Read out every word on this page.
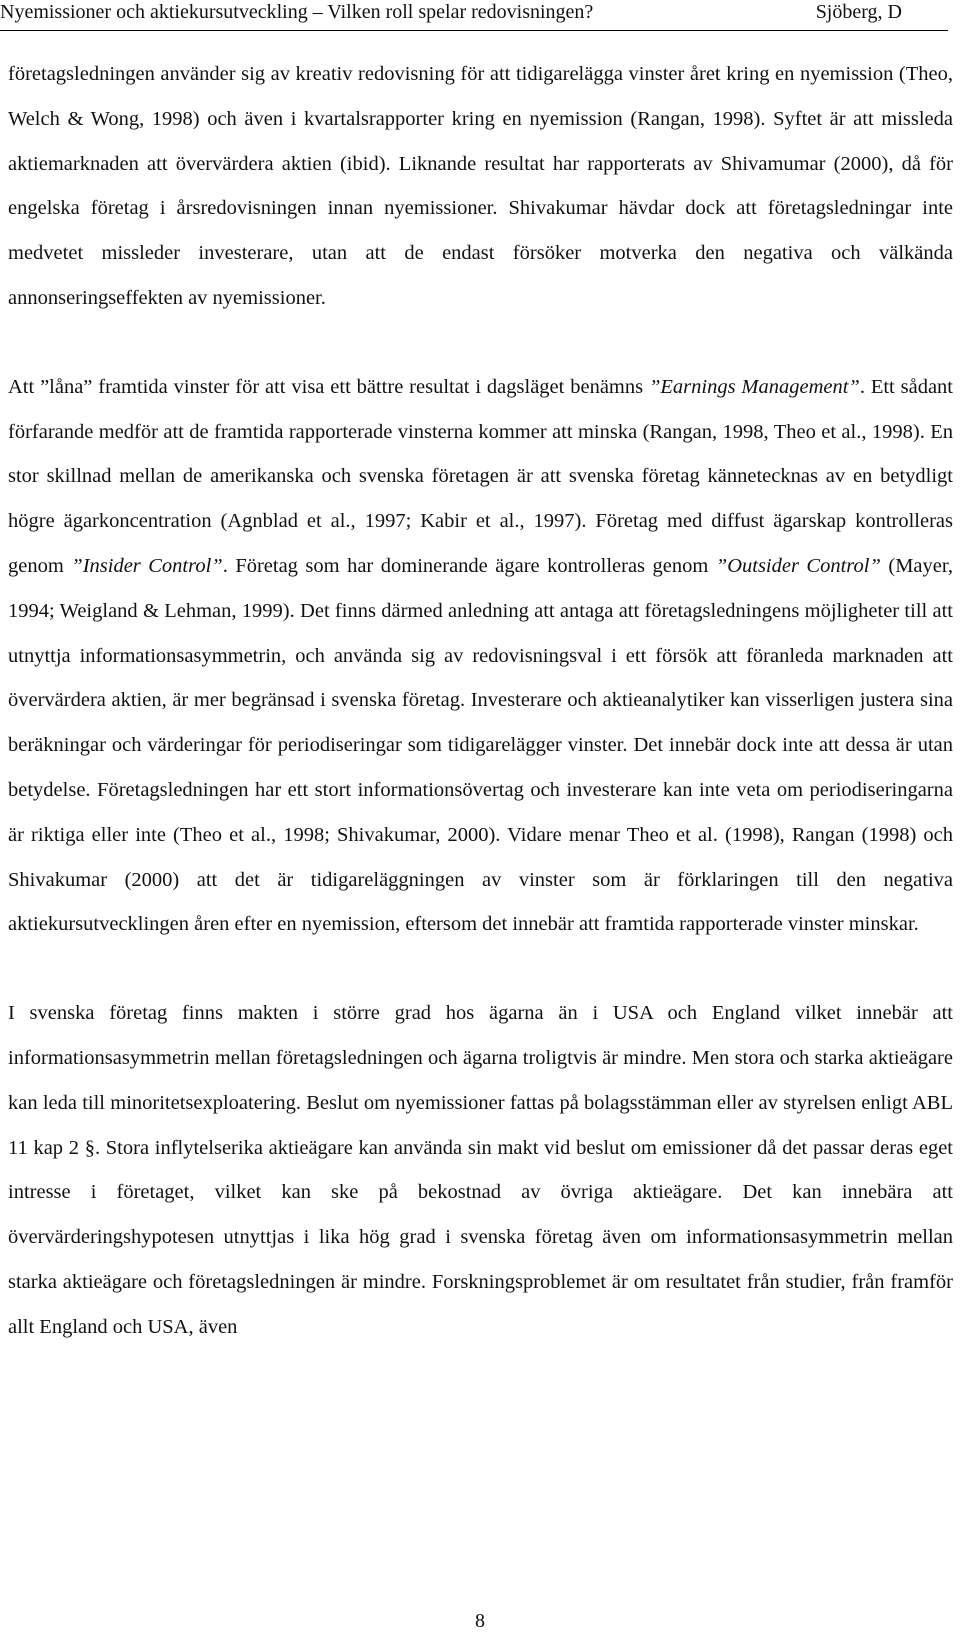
Nyemissioner och aktiekursutveckling – Vilken roll spelar redovisningen?	Sjöberg, D

företagsledningen använder sig av kreativ redovisning för att tidigarelägga vinster året kring en nyemission (Theo, Welch & Wong, 1998) och även i kvartalsrapporter kring en nyemission (Rangan, 1998). Syftet är att missleda aktiemarknaden att övervärdera aktien (ibid). Liknande resultat har rapporterats av Shivamumar (2000), då för engelska företag i årsredovisningen innan nyemissioner. Shivakumar hävdar dock att företagsledningar inte medvetet missleder investerare, utan att de endast försöker motverka den negativa och välkända annonseringseffekten av nyemissioner.

Att ”låna” framtida vinster för att visa ett bättre resultat i dagsläget benämns ”Earnings Management”. Ett sådant förfarande medför att de framtida rapporterade vinsterna kommer att minska (Rangan, 1998, Theo et al., 1998). En stor skillnad mellan de amerikanska och svenska företagen är att svenska företag kännetecknas av en betydligt högre ägarkoncentration (Agnblad et al., 1997; Kabir et al., 1997). Företag med diffust ägarskap kontrolleras genom ”Insider Control”. Företag som har dominerande ägare kontrolleras genom ”Outsider Control” (Mayer, 1994; Weigland & Lehman, 1999). Det finns därmed anledning att antaga att företagsledningens möjligheter till att utnyttja informationsasymmetrin, och använda sig av redovisningsval i ett försök att föranleda marknaden att övervärdera aktien, är mer begränsad i svenska företag. Investerare och aktieanalytiker kan visserligen justera sina beräkningar och värderingar för periodiseringar som tidigarelägger vinster. Det innebär dock inte att dessa är utan betydelse. Företagsledningen har ett stort informationsövertag och investerare kan inte veta om periodiseringarna är riktiga eller inte (Theo et al., 1998; Shivakumar, 2000). Vidare menar Theo et al. (1998), Rangan (1998) och Shivakumar (2000) att det är tidigareläggningen av vinster som är förklaringen till den negativa aktiekursutvecklingen åren efter en nyemission, eftersom det innebär att framtida rapporterade vinster minskar.

I svenska företag finns makten i större grad hos ägarna än i USA och England vilket innebär att informationsasymmetrin mellan företagsledningen och ägarna troligtvis är mindre. Men stora och starka aktieägare kan leda till minoritetsexploatering. Beslut om nyemissioner fattas på bolagsstämman eller av styrelsen enligt ABL 11 kap 2 §. Stora inflytelserika aktieägare kan använda sin makt vid beslut om emissioner då det passar deras eget intresse i företaget, vilket kan ske på bekostnad av övriga aktieägare. Det kan innebära att övervärderingshypotesen utnyttjas i lika hög grad i svenska företag även om informationsasymmetrin mellan starka aktieägare och företagsledningen är mindre. Forskningsproblemet är om resultatet från studier, från framför allt England och USA, även

8
